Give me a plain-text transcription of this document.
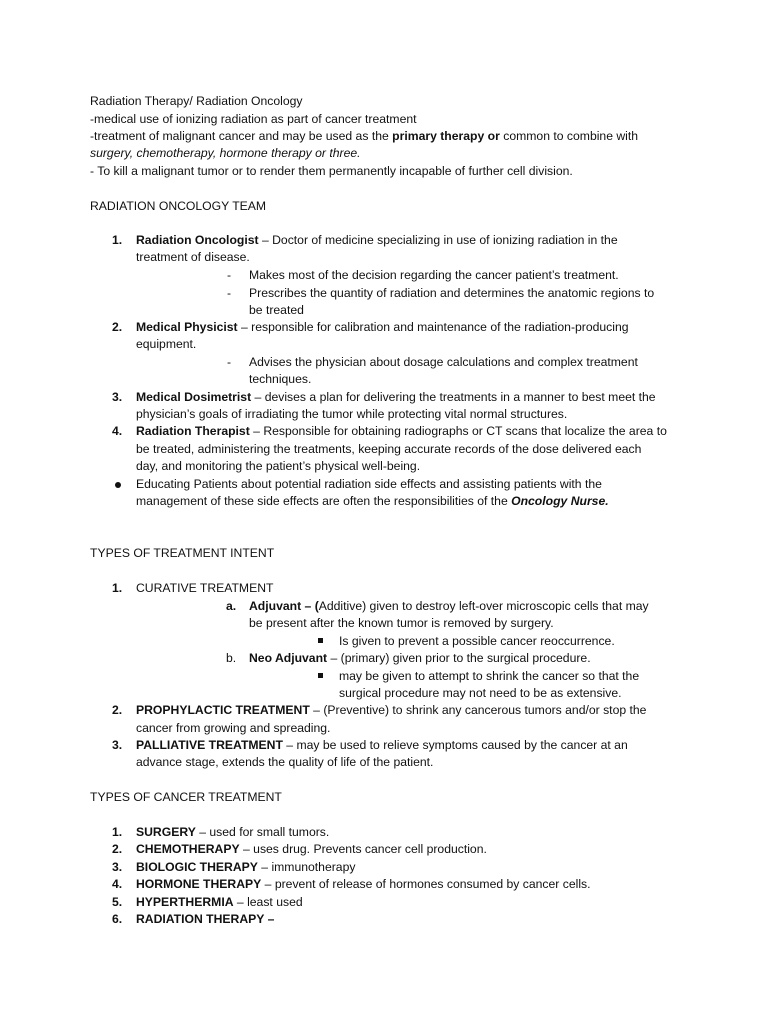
Radiation Therapy/ Radiation Oncology
-medical use of ionizing radiation as part of cancer treatment
-treatment of malignant cancer and may be used as the primary therapy or common to combine with
surgery, chemotherapy, hormone therapy or three.
- To kill a malignant tumor or to render them permanently incapable of further cell division.
RADIATION ONCOLOGY TEAM
1. Radiation Oncologist – Doctor of medicine specializing in use of ionizing radiation in the
treatment of disease.
- Makes most of the decision regarding the cancer patient’s treatment.
- Prescribes the quantity of radiation and determines the anatomic regions to
be treated
2. Medical Physicist – responsible for calibration and maintenance of the radiation-producing
equipment.
- Advises the physician about dosage calculations and complex treatment
techniques.
3. Medical Dosimetrist – devises a plan for delivering the treatments in a manner to best meet the
physician’s goals of irradiating the tumor while protecting vital normal structures.
4. Radiation Therapist – Responsible for obtaining radiographs or CT scans that localize the area to
be treated, administering the treatments, keeping accurate records of the dose delivered each
day, and monitoring the patient’s physical well-being.
Educating Patients about potential radiation side effects and assisting patients with the
management of these side effects are often the responsibilities of the Oncology Nurse.
TYPES OF TREATMENT INTENT
1. CURATIVE TREATMENT
a. Adjuvant – (Additive) given to destroy left-over microscopic cells that may
be present after the known tumor is removed by surgery.
Is given to prevent a possible cancer reoccurrence.
b. Neo Adjuvant – (primary) given prior to the surgical procedure.
may be given to attempt to shrink the cancer so that the
surgical procedure may not need to be as extensive.
2. PROPHYLACTIC TREATMENT – (Preventive) to shrink any cancerous tumors and/or stop the
cancer from growing and spreading.
3. PALLIATIVE TREATMENT – may be used to relieve symptoms caused by the cancer at an
advance stage, extends the quality of life of the patient.
TYPES OF CANCER TREATMENT
1. SURGERY – used for small tumors.
2. CHEMOTHERAPY – uses drug. Prevents cancer cell production.
3. BIOLOGIC THERAPY – immunotherapy
4. HORMONE THERAPY – prevent of release of hormones consumed by cancer cells.
5. HYPERTHERMIA – least used
6. RADIATION THERAPY –
